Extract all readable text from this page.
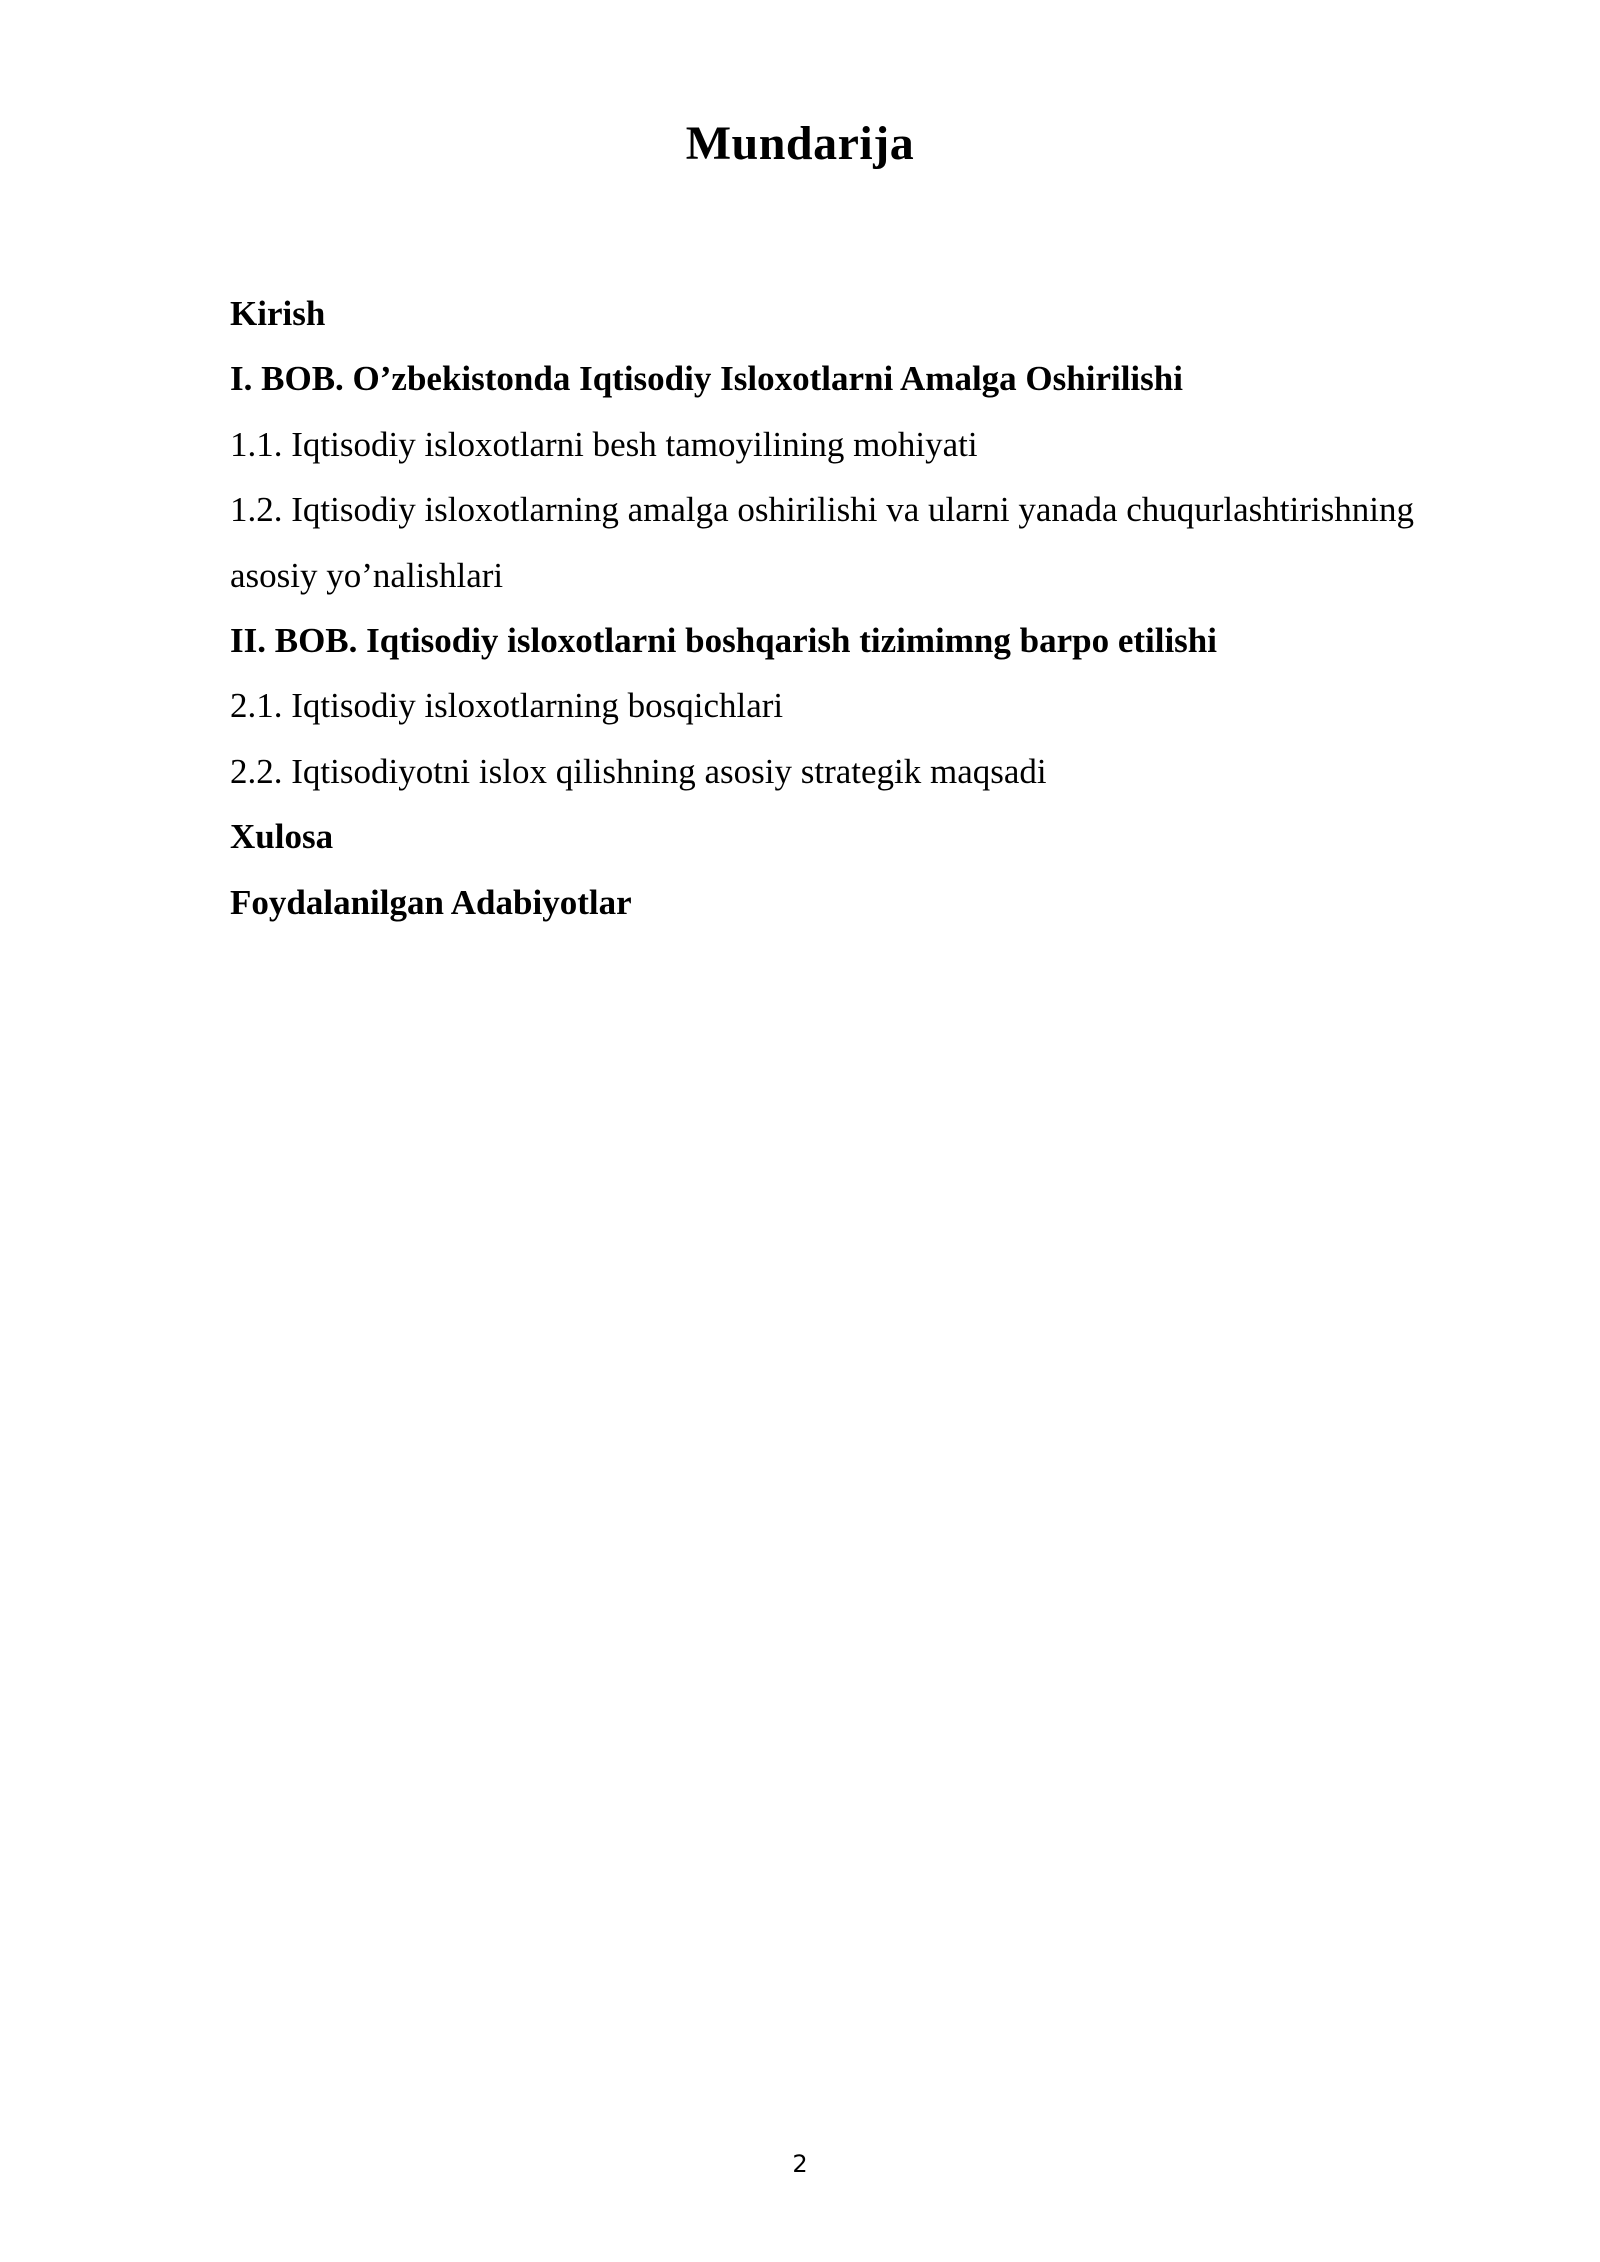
Mundarija
Kirish
I. BOB. O’zbekistonda Iqtisodiy Isloxotlarni Amalga Oshirilishi
1.1. Iqtisodiy isloxotlarni besh tamoyilining mohiyati
1.2. Iqtisodiy isloxotlarning amalga oshirilishi va ularni yanada chuqurlashtirishning
asosiy yo’nalishlari
II. BOB. Iqtisodiy isloxotlarni boshqarish tizimimng barpo etilishi
2.1. Iqtisodiy isloxotlarning bosqichlari
2.2. Iqtisodiyotni islox qilishning asosiy strategik maqsadi
Xulosa
Foydalanilgan Adabiyotlar
2
